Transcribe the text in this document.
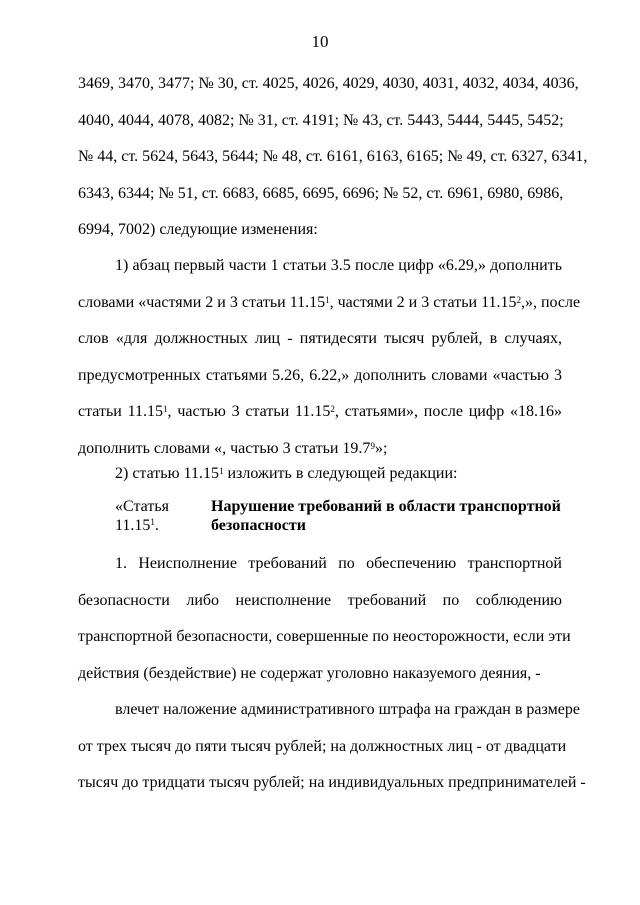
10
3469, 3470, 3477; № 30, ст. 4025, 4026, 4029, 4030, 4031, 4032, 4034, 4036,
4040, 4044, 4078, 4082; № 31, ст. 4191; № 43, ст. 5443, 5444, 5445, 5452;
№ 44, ст. 5624, 5643, 5644; № 48, ст. 6161, 6163, 6165; № 49, ст. 6327, 6341,
6343, 6344; № 51, ст. 6683, 6685, 6695, 6696; № 52, ст. 6961, 6980, 6986,
6994, 7002) следующие изменения:
1) абзац первый части 1 статьи 3.5 после цифр «6.29,» дополнить
словами «частями 2 и 3 статьи 11.15$^1$, частями 2 и 3 статьи 11.15$^2$,», после
слов «для должностных лиц - пятидесяти тысяч рублей, в случаях,
предусмотренных статьями 5.26, 6.22,» дополнить словами «частью 3
статьи 11.15$^1$, частью 3 статьи 11.15$^2$, статьями», после цифр «18.16»
дополнить словами «, частью 3 статьи 19.7$^9$»;
2) статью 11.15$^1$ изложить в следующей редакции:
«Статья 11.15$^1$.Нарушение требований в области транспортной безопасности
1. Неисполнение требований по обеспечению транспортной
безопасности либо неисполнение требований по соблюдению
транспортной безопасности, совершенные по неосторожности, если эти
действия (бездействие) не содержат уголовно наказуемого деяния, -
влечет наложение административного штрафа на граждан в размере
от трех тысяч до пяти тысяч рублей; на должностных лиц - от двадцати
тысяч до тридцати тысяч рублей; на индивидуальных предпринимателей -
